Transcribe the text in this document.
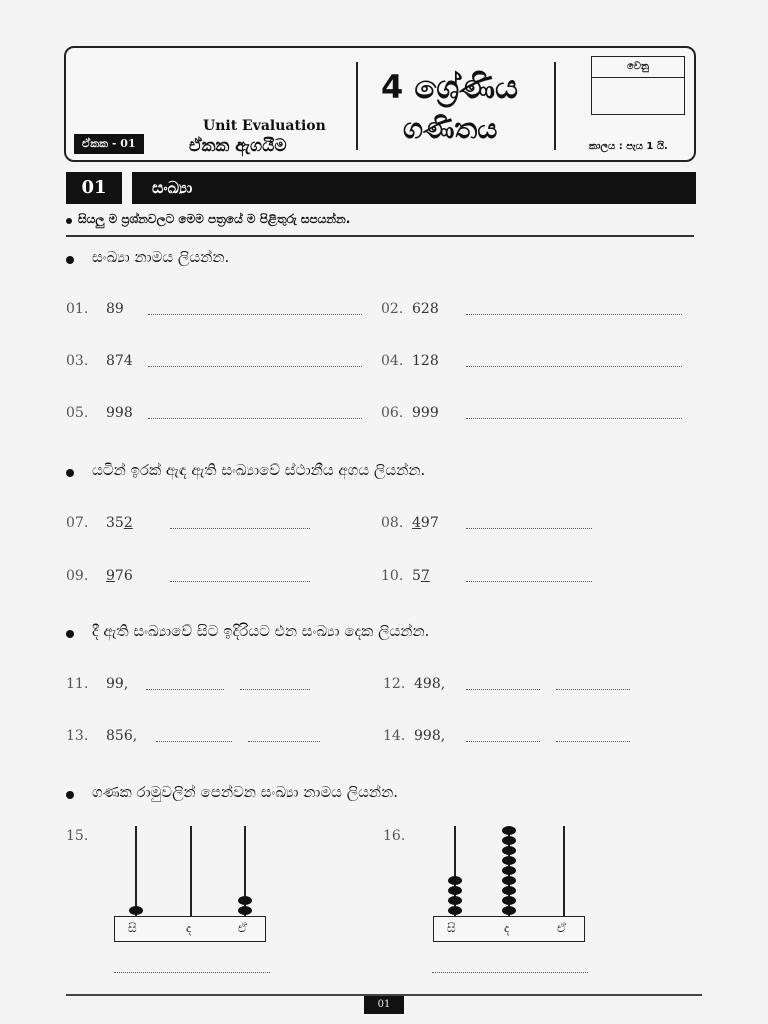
ඒකක - 01
Unit Evaluation
ඒකක ඇගයීම
4 ශ්‍රේණිය
ගණිතය
වෙනු
කාලය : පැය 1 යි.
01	සංඛ්‍යා
සියලු ම ප්‍රශ්නවලට මෙම පත්‍රයේ ම පිළිතුරු සපයන්න.
සංඛ්‍යා නාමය ලියන්න.
01. 89	02. 628
03. 874	04. 128
05. 998	06. 999
යටින් ඉරක් ඇඳ ඇති සංඛ්‍යාවේ ස්ථානීය අගය ලියන්න.
07. 352	08. 497
09. 976	10. 57
දී ඇති සංඛ්‍යාවේ සිට ඉදිරියට එන සංඛ්‍යා දෙක ලියන්න.
11. 99,	12. 498,
13. 856,	14. 998,
ගණක රාමුවලින් පෙන්වන සංඛ්‍යා නාමය ලියන්න.
15.
සි	ද	ඒ
16.
සි	ද	ඒ
01
